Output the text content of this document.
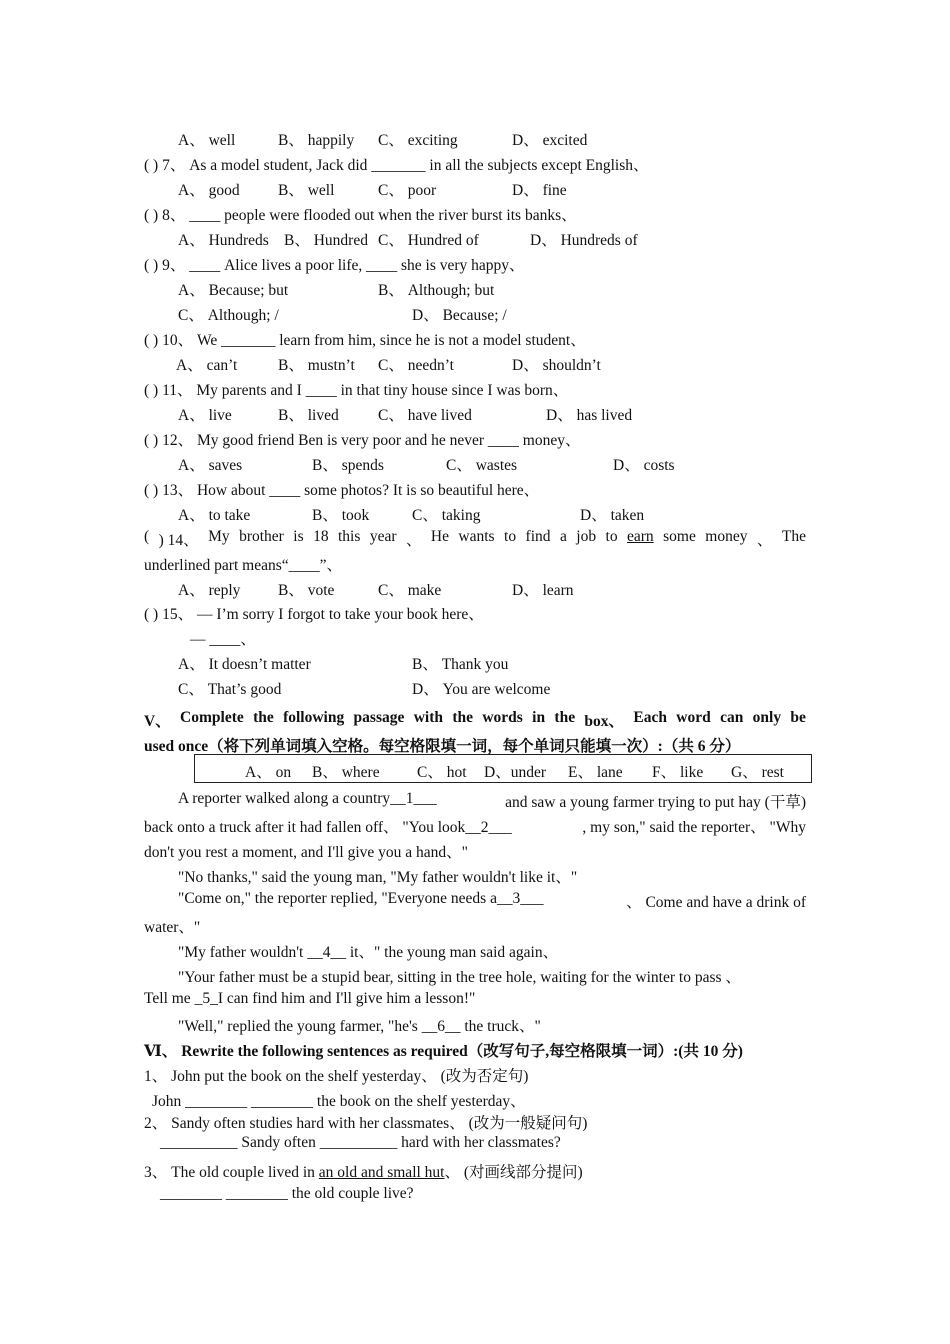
A、 well	B、 happily C、 exciting	D、 excited
( ) 7、 As a model student, Jack did _______ in all the subjects except English、
A、 good B、 well	C、 poor	D、 fine
( ) 8、 ____ people were flooded out when the river burst its banks、
A、 Hundreds B、 Hundred C、 Hundred of	D、 Hundreds of
( ) 9、 ____ Alice lives a poor life, ____ she is very happy、
A、 Because; but	B、 Although; but
C、 Although; /	D、 Because; /
( ) 10、 We _______ learn from him, since he is not a model student、
A、 can’t	B、 mustn’t C、 needn’t	D、 shouldn’t
( ) 11、 My parents and I ____ in that tiny house since I was born、
A、 live	B、 lived	C、 have lived	D、 has lived
( ) 12、 My good friend Ben is very poor and he never ____ money、
A、 saves	B、 spends	C、 wastes	D、 costs
( ) 13、 How about ____ some photos? It is so beautiful here、
A、 to take	B、 took	C、 taking	D、 taken
( ) 14、 My brother is 18 this year 、 He wants to find a job to earn some money 、 The
underlined part means“____”、
A、 reply B、 vote	C、 make	D、 learn
( ) 15、 — I’m sorry I forgot to take your book here、
— ____、
A、 It doesn’t matter	B、 Thank you
C、 That’s good	D、 You are welcome
V、 Complete the following passage with the words in the box、 Each word can only be
used once（将下列单词填入空格。每空格限填一词，每个单词只能填一次）:（共 6 分）
A、 on B、 where C、 hot D、under E、 lane F、 like G、 rest
A reporter walked along a country__1___	and saw a young farmer trying to put hay (干草)
back onto a truck after it had fallen off、 "You look__2___	, my son," said the reporter、 "Why
don't you rest a moment, and I'll give you a hand、"
"No thanks," said the young man, "My father wouldn't like it、"
"Come on," the reporter replied, "Everyone needs a__3___	、 Come and have a drink of
water、"
"My father wouldn't __4__ it、" the young man said again、
"Your father must be a stupid bear, sitting in the tree hole, waiting for the winter to pass 、
Tell me _5_I can find him and I'll give him a lesson!"
"Well," replied the young farmer, "he's __6__ the truck、"
Ⅵ、 Rewrite the following sentences as required（改写句子,每空格限填一词）:(共 10 分)
1、 John put the book on the shelf yesterday、 (改为否定句)
John ________ ________ the book on the shelf yesterday、
2、 Sandy often studies hard with her classmates、 (改为一般疑问句)
__________ Sandy often __________ hard with her classmates?
3、 The old couple lived in an old and small hut、 (对画线部分提问)
________ ________ the old couple live?
